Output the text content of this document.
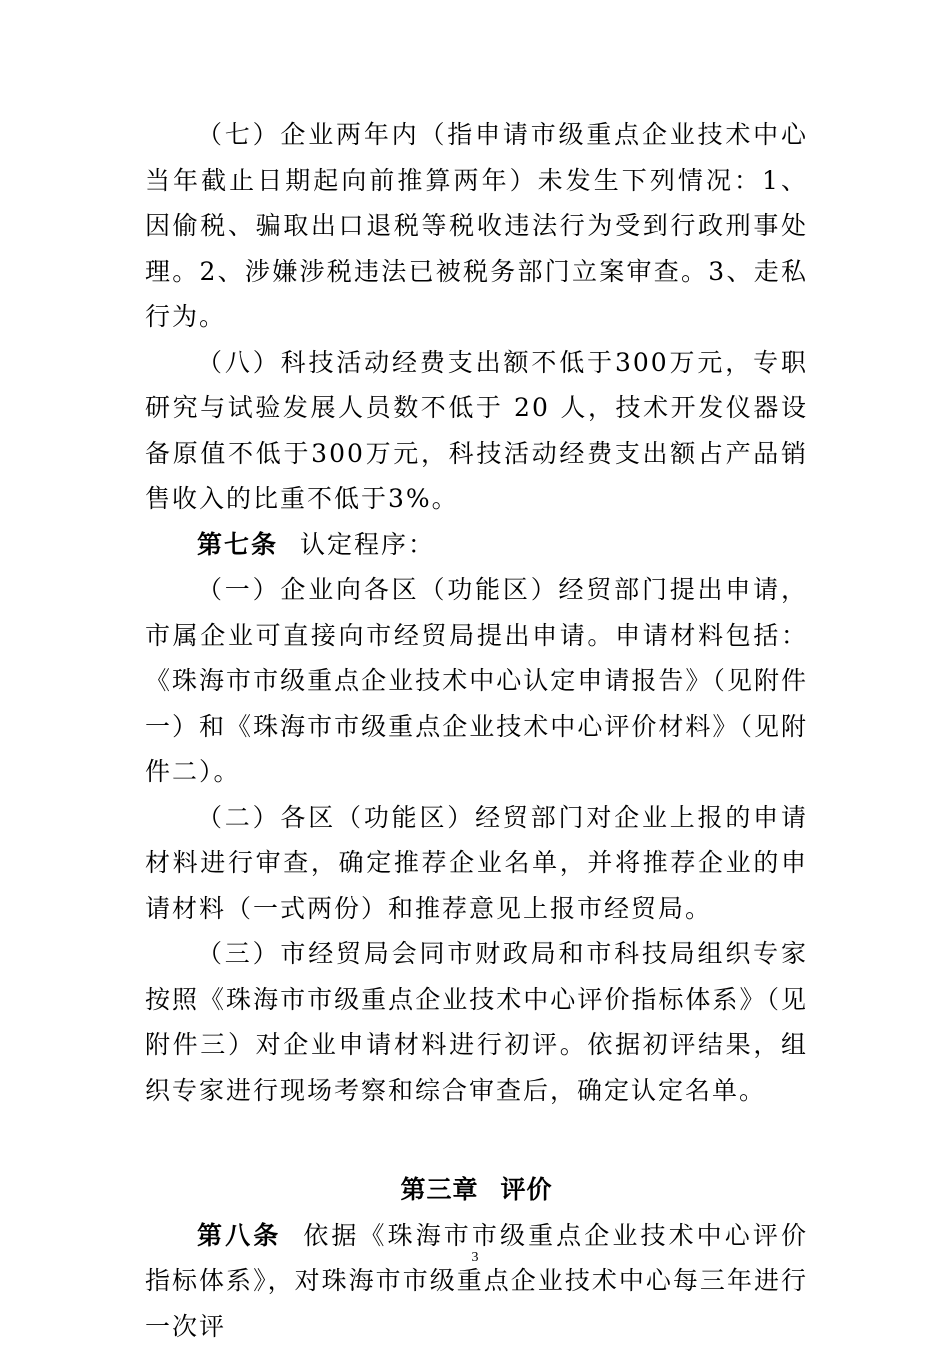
（七）企业两年内（指申请市级重点企业技术中心当年截止日期起向前推算两年）未发生下列情况：1、因偷税、骗取出口退税等税收违法行为受到行政刑事处理。2、涉嫌涉税违法已被税务部门立案审查。3、走私行为。

（八）科技活动经费支出额不低于300万元，专职研究与试验发展人员数不低于 20 人，技术开发仪器设备原值不低于300万元，科技活动经费支出额占产品销售收入的比重不低于3%。

第七条 认定程序：

（一）企业向各区（功能区）经贸部门提出申请，市属企业可直接向市经贸局提出申请。申请材料包括：《珠海市市级重点企业技术中心认定申请报告》（见附件一）和《珠海市市级重点企业技术中心评价材料》（见附件二）。

（二）各区（功能区）经贸部门对企业上报的申请材料进行审查，确定推荐企业名单，并将推荐企业的申请材料（一式两份）和推荐意见上报市经贸局。

（三）市经贸局会同市财政局和市科技局组织专家按照《珠海市市级重点企业技术中心评价指标体系》（见附件三）对企业申请材料进行初评。依据初评结果，组织专家进行现场考察和综合审查后，确定认定名单。

第三章 评价

第八条 依据《珠海市市级重点企业技术中心评价指标体系》，对珠海市市级重点企业技术中心每三年进行一次评

3
